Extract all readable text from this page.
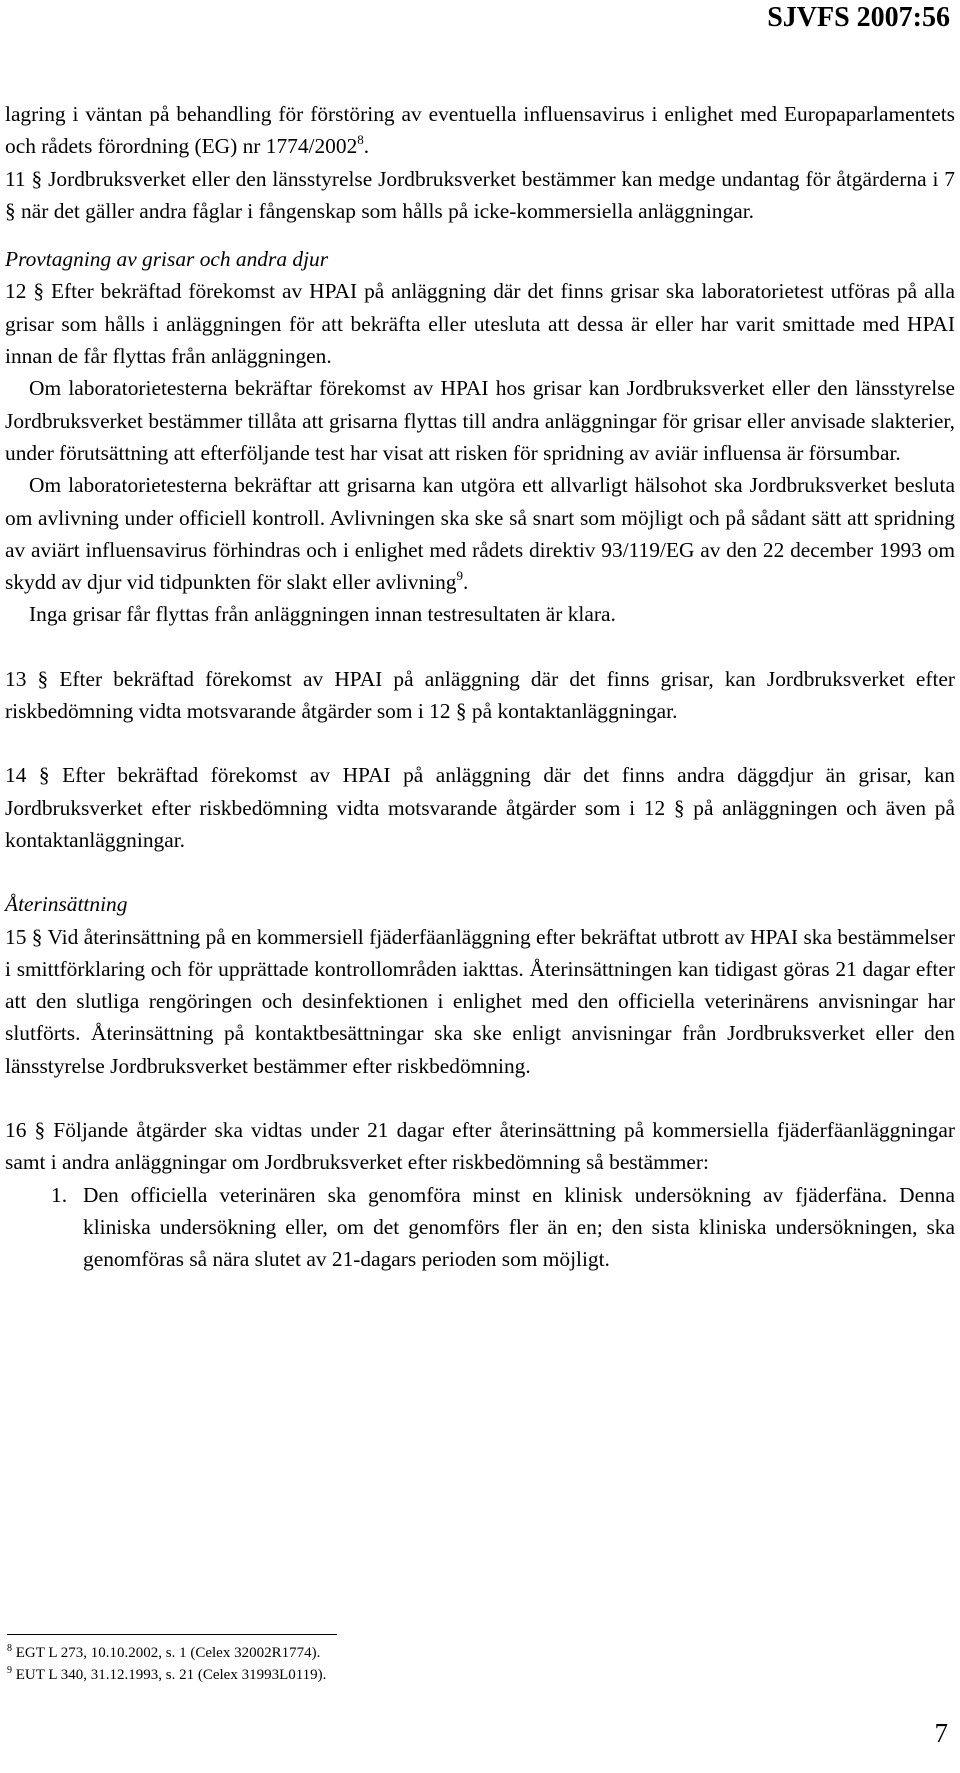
SJVFS 2007:56

lagring i väntan på behandling för förstöring av eventuella influensavirus i enlighet med Europaparlamentets och rådets förordning (EG) nr 1774/2002$^8$.

11 § Jordbruksverket eller den länsstyrelse Jordbruksverket bestämmer kan medge undantag för åtgärderna i 7 § när det gäller andra fåglar i fångenskap som hålls på icke-kommersiella anläggningar.

Provtagning av grisar och andra djur

12 § Efter bekräftad förekomst av HPAI på anläggning där det finns grisar ska laboratorietest utföras på alla grisar som hålls i anläggningen för att bekräfta eller utesluta att dessa är eller har varit smittade med HPAI innan de får flyttas från anläggningen.

Om laboratorietesterna bekräftar förekomst av HPAI hos grisar kan Jordbruksverket eller den länsstyrelse Jordbruksverket bestämmer tillåta att grisarna flyttas till andra anläggningar för grisar eller anvisade slakterier, under förutsättning att efterföljande test har visat att risken för spridning av aviär influensa är försumbar.

Om laboratorietesterna bekräftar att grisarna kan utgöra ett allvarligt hälsohot ska Jordbruksverket besluta om avlivning under officiell kontroll. Avlivningen ska ske så snart som möjligt och på sådant sätt att spridning av aviärt influensavirus förhindras och i enlighet med rådets direktiv 93/119/EG av den 22 december 1993 om skydd av djur vid tidpunkten för slakt eller avlivning$^9$.

Inga grisar får flyttas från anläggningen innan testresultaten är klara.

13 § Efter bekräftad förekomst av HPAI på anläggning där det finns grisar, kan Jordbruksverket efter riskbedömning vidta motsvarande åtgärder som i 12 § på kontaktanläggningar.

14 § Efter bekräftad förekomst av HPAI på anläggning där det finns andra däggdjur än grisar, kan Jordbruksverket efter riskbedömning vidta motsvarande åtgärder som i 12 § på anläggningen och även på kontaktanläggningar.

Återinsättning

15 § Vid återinsättning på en kommersiell fjäderfäanläggning efter bekräftat utbrott av HPAI ska bestämmelser i smittförklaring och för upprättade kontrollområden iakttas. Återinsättningen kan tidigast göras 21 dagar efter att den slutliga rengöringen och desinfektionen i enlighet med den officiella veterinärens anvisningar har slutförts. Återinsättning på kontaktbesättningar ska ske enligt anvisningar från Jordbruksverket eller den länsstyrelse Jordbruksverket bestämmer efter riskbedömning.

16 § Följande åtgärder ska vidtas under 21 dagar efter återinsättning på kommersiella fjäderfäanläggningar samt i andra anläggningar om Jordbruksverket efter riskbedömning så bestämmer:

1. Den officiella veterinären ska genomföra minst en klinisk undersökning av fjäderfäna. Denna kliniska undersökning eller, om det genomförs fler än en; den sista kliniska undersökningen, ska genomföras så nära slutet av 21-dagars perioden som möjligt.
$^8$ EGT L 273, 10.10.2002, s. 1 (Celex 32002R1774).
$^9$ EUT L 340, 31.12.1993, s. 21 (Celex 31993L0119).
7
